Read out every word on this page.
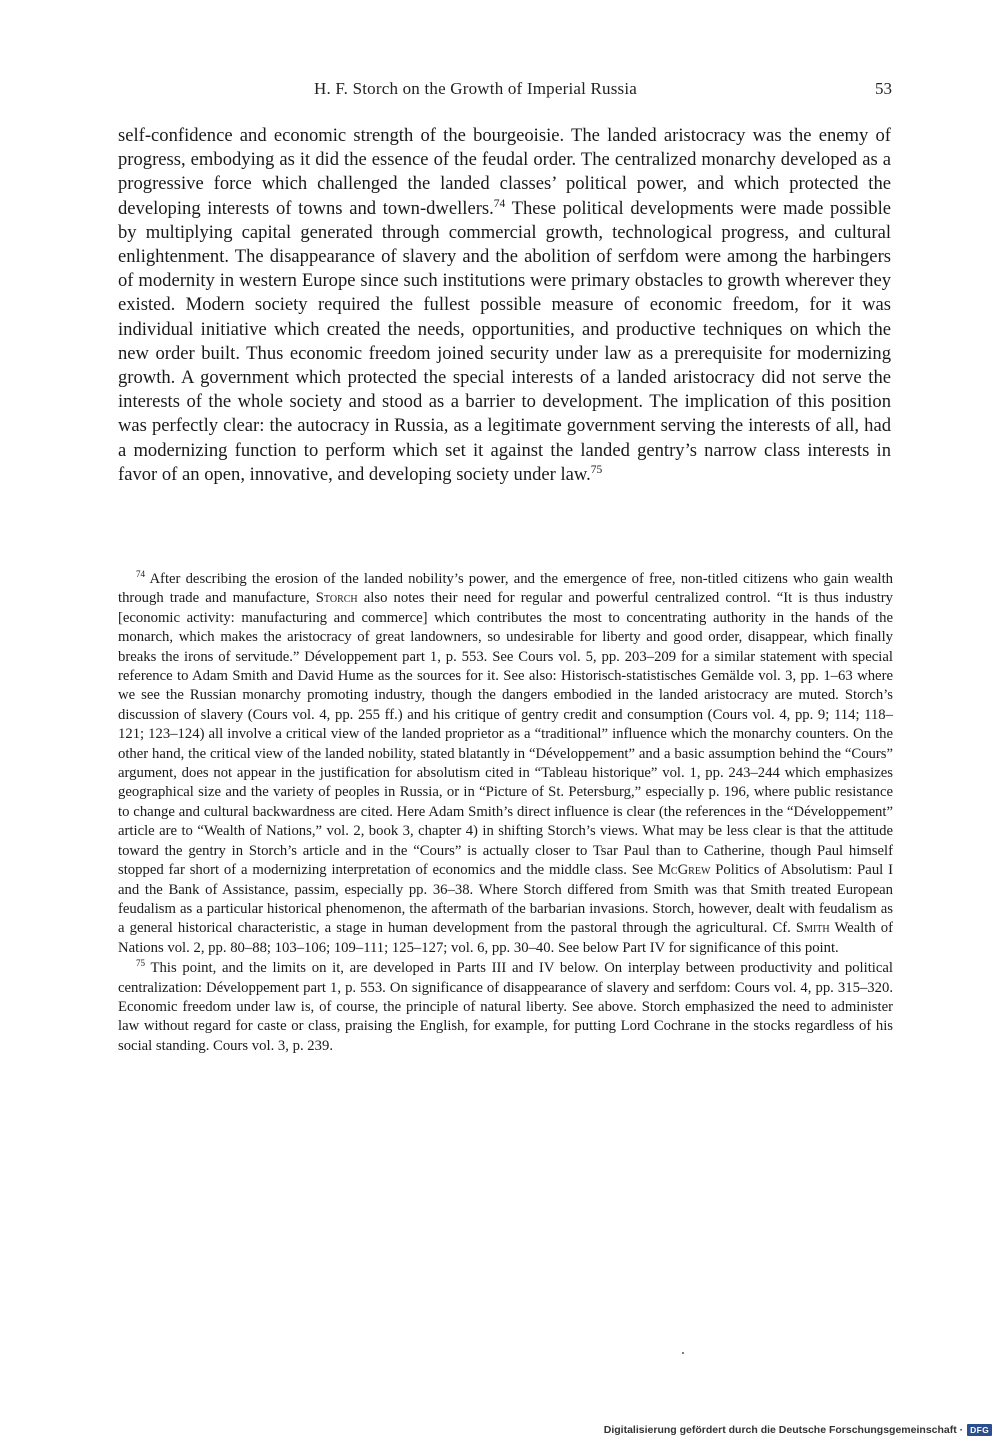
H. F. Storch on the Growth of Imperial Russia	53

self-confidence and economic strength of the bourgeoisie. The landed aristocracy was the enemy of progress, embodying as it did the essence of the feudal order. The centralized monarchy developed as a progressive force which challenged the landed classes’ political power, and which protected the developing interests of towns and town-dwellers.$^{74}$ These political developments were made possible by multiplying capital generated through commercial growth, technological progress, and cultural enlightenment. The disappearance of slavery and the abolition of serfdom were among the harbingers of modernity in western Europe since such institutions were primary obstacles to growth wherever they existed. Modern society required the fullest possible measure of economic freedom, for it was individual initiative which created the needs, opportunities, and productive techniques on which the new order built. Thus economic freedom joined security under law as a prerequisite for modernizing growth. A government which protected the special interests of a landed aristocracy did not serve the interests of the whole society and stood as a barrier to development. The implication of this position was perfectly clear: the autocracy in Russia, as a legitimate government serving the interests of all, had a modernizing function to perform which set it against the landed gentry’s narrow class interests in favor of an open, innovative, and developing society under law.$^{75}$

$^{74}$ After describing the erosion of the landed nobility’s power, and the emergence of free, non-titled citizens who gain wealth through trade and manufacture, Storch also notes their need for regular and powerful centralized control. “It is thus industry [economic activity: manufacturing and commerce] which contributes the most to concentrating authority in the hands of the monarch, which makes the aristocracy of great landowners, so undesirable for liberty and good order, disappear, which finally breaks the irons of servitude.” Développement part 1, p. 553. See Cours vol. 5, pp. 203–209 for a similar statement with special reference to Adam Smith and David Hume as the sources for it. See also: Historisch-statistisches Gemälde vol. 3, pp. 1–63 where we see the Russian monarchy promoting industry, though the dangers embodied in the landed aristocracy are muted. Storch’s discussion of slavery (Cours vol. 4, pp. 255 ff.) and his critique of gentry credit and consumption (Cours vol. 4, pp. 9; 114; 118–121; 123–124) all involve a critical view of the landed proprietor as a “traditional” influence which the monarchy counters. On the other hand, the critical view of the landed nobility, stated blatantly in “Développement” and a basic assumption behind the “Cours” argument, does not appear in the justification for absolutism cited in “Tableau historique” vol. 1, pp. 243–244 which emphasizes geographical size and the variety of peoples in Russia, or in “Picture of St. Petersburg,” especially p. 196, where public resistance to change and cultural backwardness are cited. Here Adam Smith’s direct influence is clear (the references in the “Développement” article are to “Wealth of Nations,” vol. 2, book 3, chapter 4) in shifting Storch’s views. What may be less clear is that the attitude toward the gentry in Storch’s article and in the “Cours” is actually closer to Tsar Paul than to Catherine, though Paul himself stopped far short of a modernizing interpretation of economics and the middle class. See McGrew Politics of Absolutism: Paul I and the Bank of Assistance, passim, especially pp. 36–38. Where Storch differed from Smith was that Smith treated European feudalism as a particular historical phenomenon, the aftermath of the barbarian invasions. Storch, however, dealt with feudalism as a general historical characteristic, a stage in human development from the pastoral through the agricultural. Cf. Smith Wealth of Nations vol. 2, pp. 80–88; 103–106; 109–111; 125–127; vol. 6, pp. 30–40. See below Part IV for significance of this point.

$^{75}$ This point, and the limits on it, are developed in Parts III and IV below. On interplay between productivity and political centralization: Développement part 1, p. 553. On significance of disappearance of slavery and serfdom: Cours vol. 4, pp. 315–320. Economic freedom under law is, of course, the principle of natural liberty. See above. Storch emphasized the need to administer law without regard for caste or class, praising the English, for example, for putting Lord Cochrane in the stocks regardless of his social standing. Cours vol. 3, p. 239.

Digitalisierung gefördert durch die Deutsche Forschungsgemeinschaft · DFG
